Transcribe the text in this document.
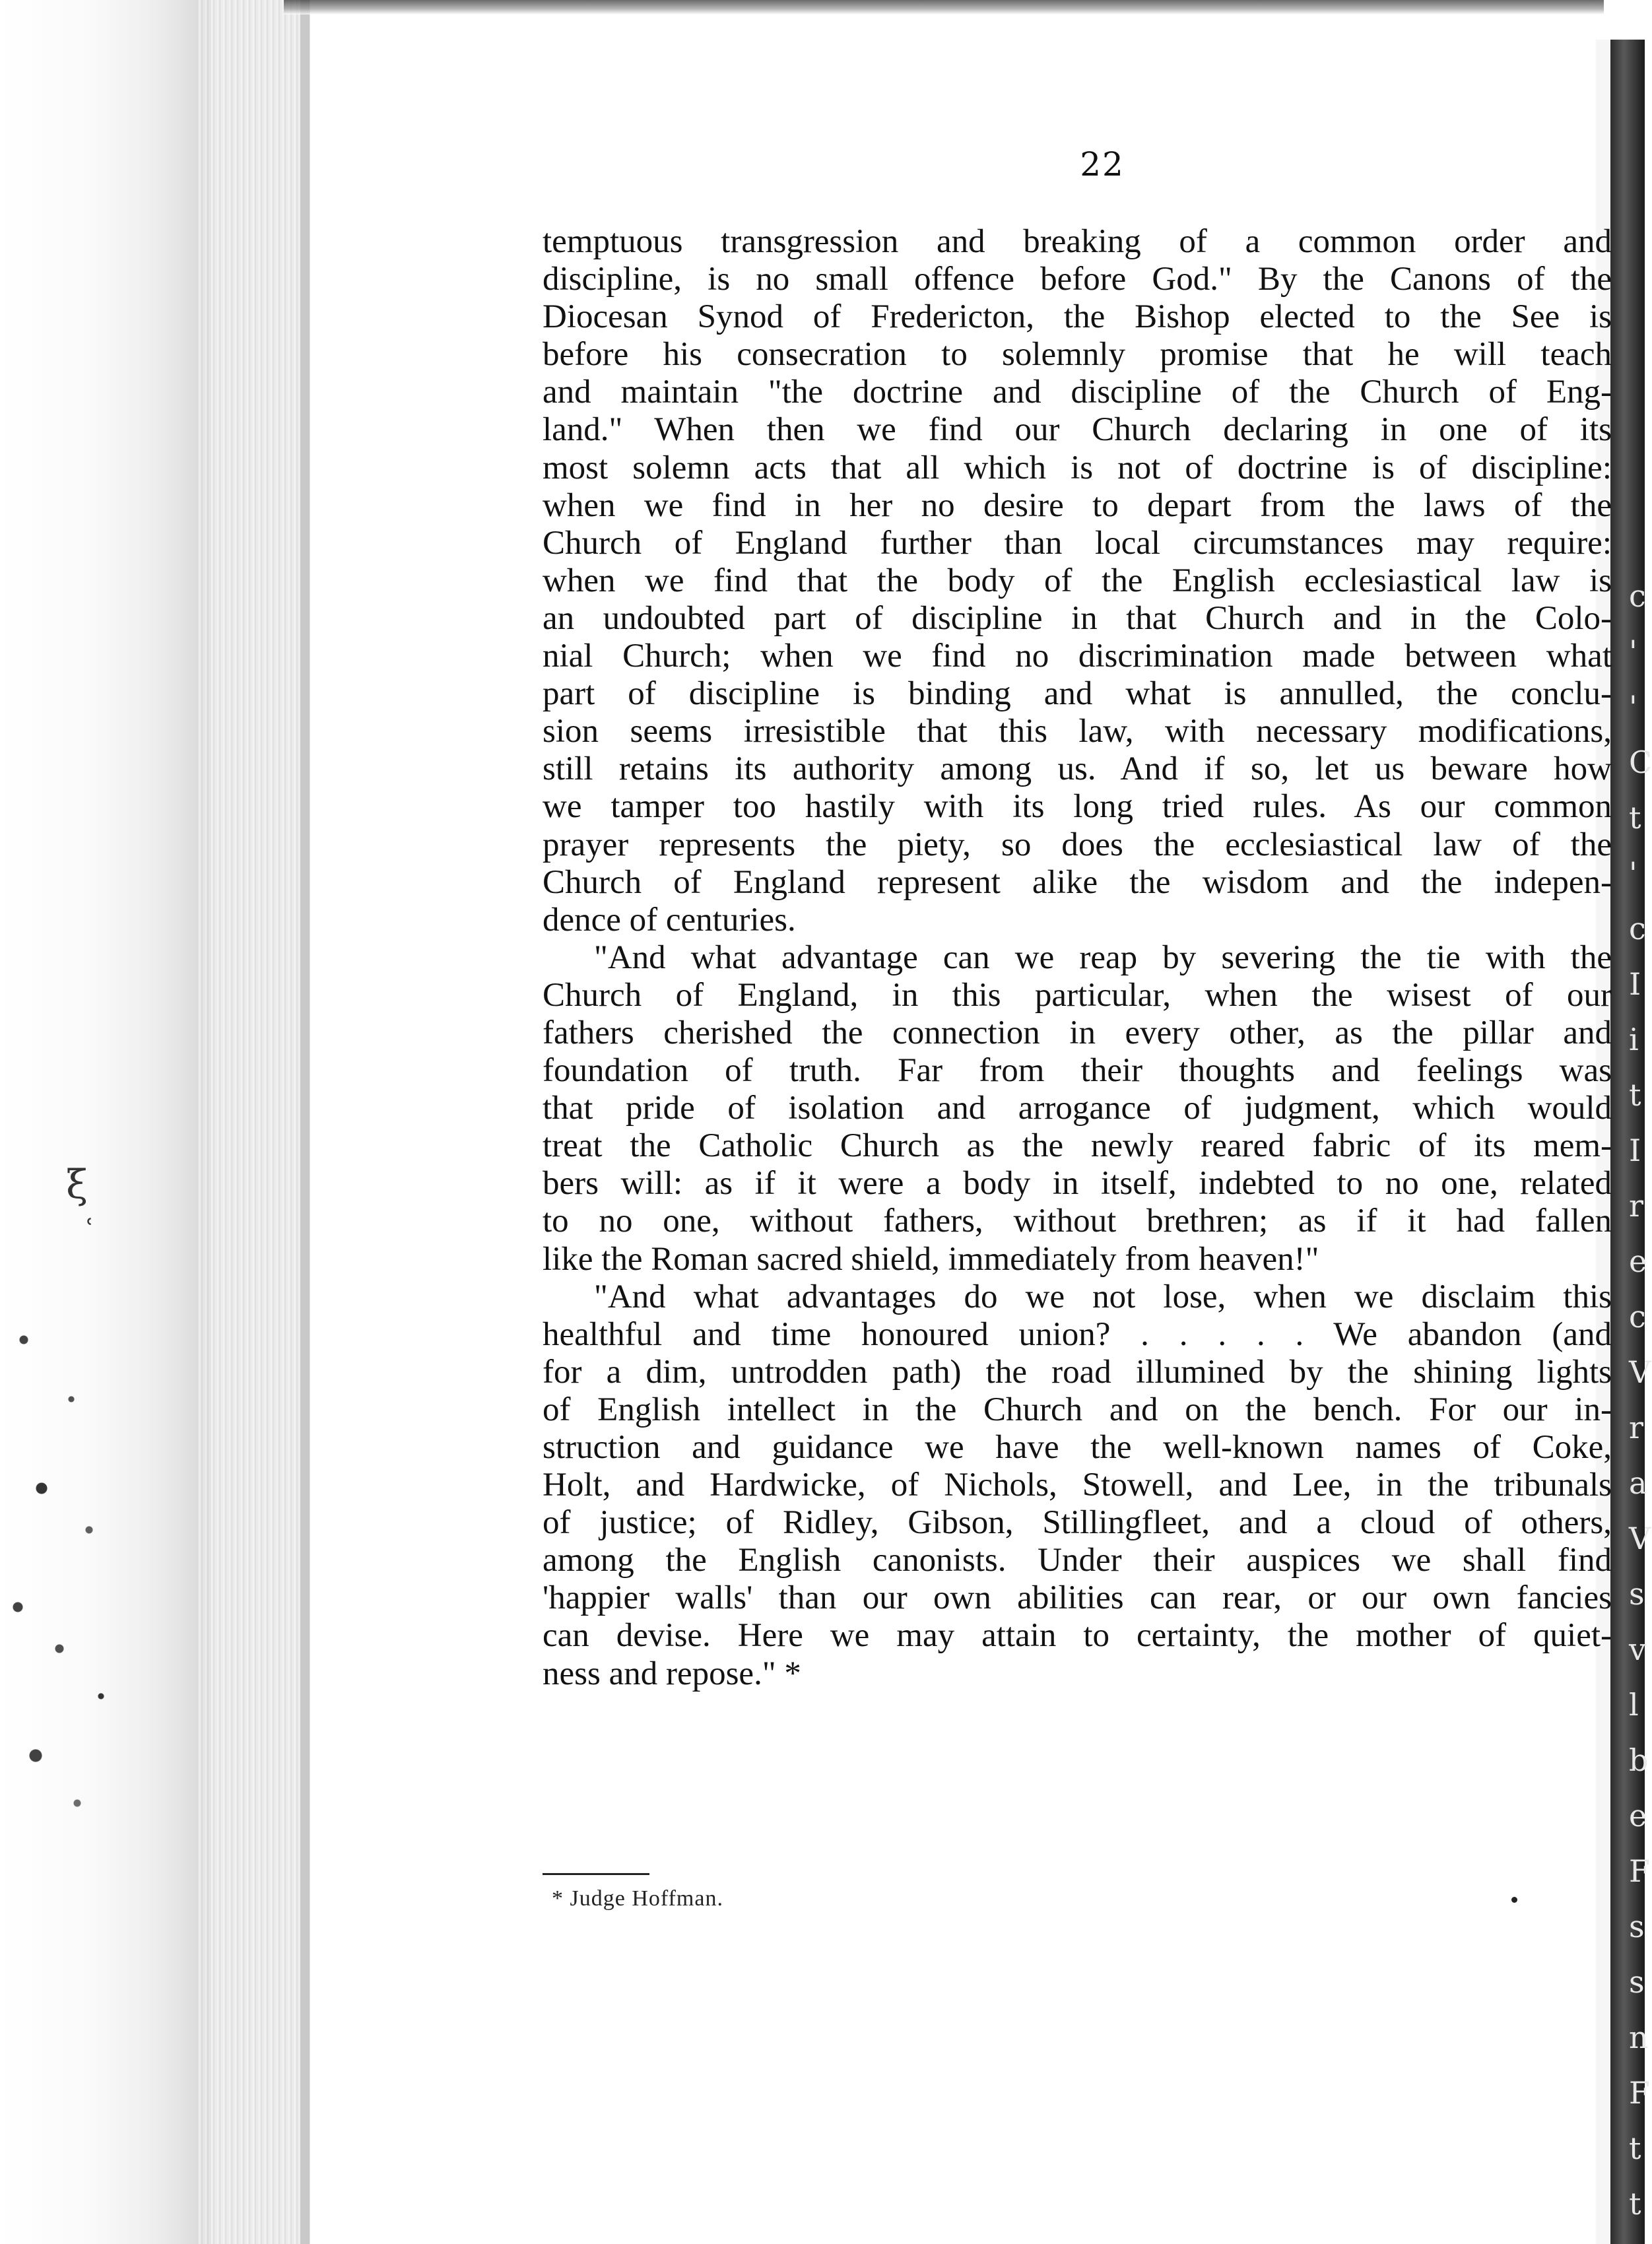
ξ
ʿ
c
'
'
C
t
'
c
I
i
t
I
r
e
c
V
r
a
V
s
v
l
b
e
F
s
s
n
F
t
t
22
temptuous transgression and breaking of a common order and
discipline, is no small offence before God." By the Canons of the
Diocesan Synod of Fredericton, the Bishop elected to the See is
before his consecration to solemnly promise that he will teach
and maintain "the doctrine and discipline of the Church of Eng-
land." When then we find our Church declaring in one of its
most solemn acts that all which is not of doctrine is of discipline:
when we find in her no desire to depart from the laws of the
Church of England further than local circumstances may require:
when we find that the body of the English ecclesiastical law is
an undoubted part of discipline in that Church and in the Colo-
nial Church; when we find no discrimination made between what
part of discipline is binding and what is annulled, the conclu-
sion seems irresistible that this law, with necessary modifications,
still retains its authority among us. And if so, let us beware how
we tamper too hastily with its long tried rules. As our common
prayer represents the piety, so does the ecclesiastical law of the
Church of England represent alike the wisdom and the indepen-
dence of centuries.
"And what advantage can we reap by severing the tie with the
Church of England, in this particular, when the wisest of our
fathers cherished the connection in every other, as the pillar and
foundation of truth. Far from their thoughts and feelings was
that pride of isolation and arrogance of judgment, which would
treat the Catholic Church as the newly reared fabric of its mem-
bers will: as if it were a body in itself, indebted to no one, related
to no one, without fathers, without brethren; as if it had fallen
like the Roman sacred shield, immediately from heaven!"
"And what advantages do we not lose, when we disclaim this
healthful and time honoured union? . . . . . We abandon (and
for a dim, untrodden path) the road illumined by the shining lights
of English intellect in the Church and on the bench. For our in-
struction and guidance we have the well-known names of Coke,
Holt, and Hardwicke, of Nichols, Stowell, and Lee, in the tribunals
of justice; of Ridley, Gibson, Stillingfleet, and a cloud of others,
among the English canonists. Under their auspices we shall find
'happier walls' than our own abilities can rear, or our own fancies
can devise. Here we may attain to certainty, the mother of quiet-
ness and repose." *
* Judge Hoffman.
